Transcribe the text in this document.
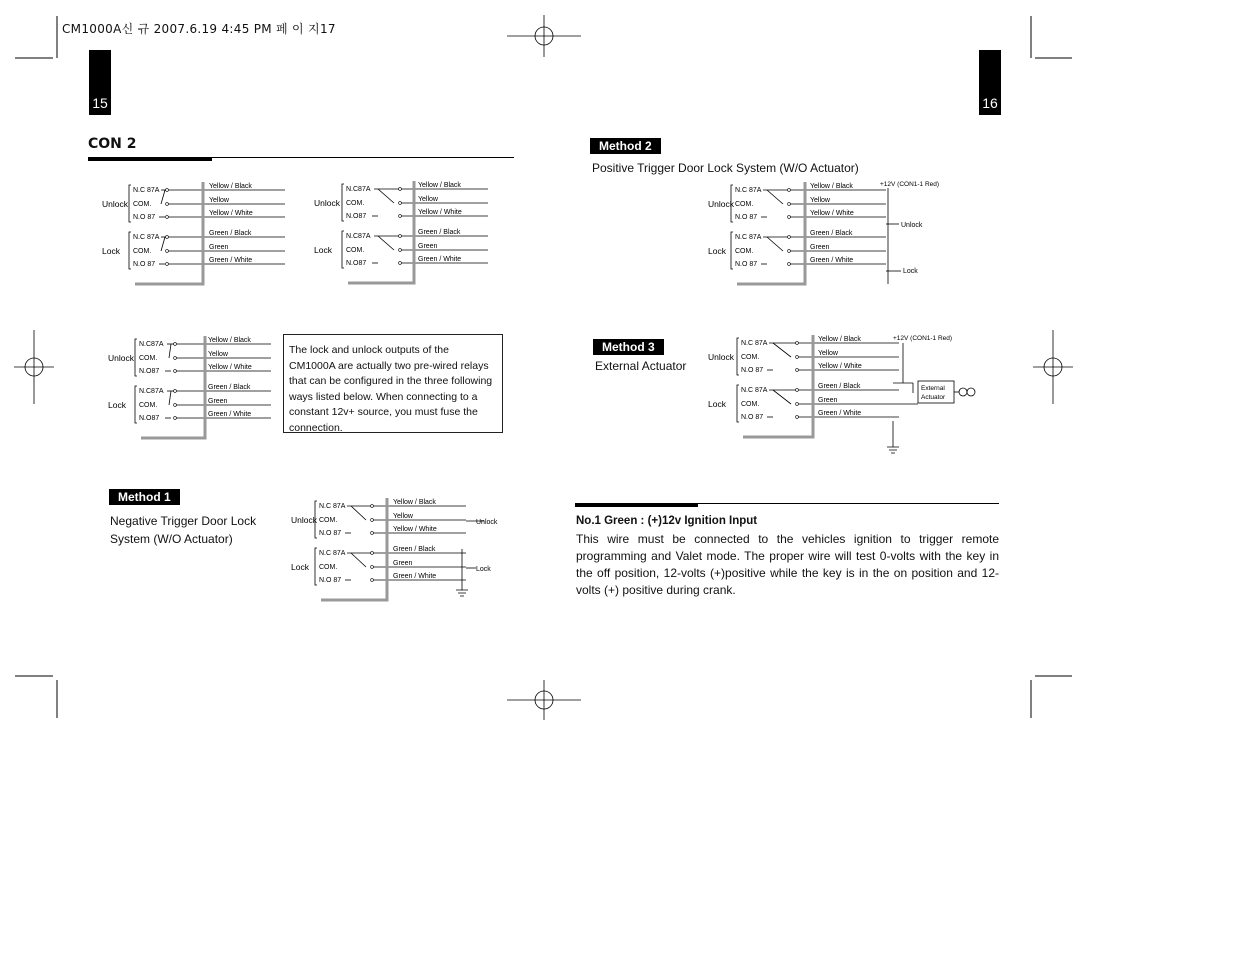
CM1000A신 규 2007.6.19 4:45 PM 페 이 지17
15	16
CON 2
Unlock
N.C 87A
COM.
N.O 87
Yellow / Black
Yellow
Yellow / White
Lock
N.C 87A
COM.
N.O 87
Green / Black
Green
Green / White
Unlock
N.C87A
COM.
N.O87
Yellow / Black
Yellow
Yellow / White
Lock
N.C87A
COM.
N.O87
Green / Black
Green
Green / White
Unlock
N.C87A
COM.
N.O87
Yellow / Black
Yellow
Yellow / White
Lock
N.C87A
COM.
N.O87
Green / Black
Green
Green / White
Unlock
N.C 87A
COM.
N.O 87
Yellow / Black
Yellow
Yellow / White
Lock
N.C 87A
COM.
N.O 87
Green / Black
Green
Green / White
Unlock
Lock
Unlock
N.C 87A
COM.
N.O 87
Yellow / Black
Yellow
Yellow / White
Lock
N.C 87A
COM.
N.O 87
Green / Black
Green
Green / White
+12V (CON1-1 Red)
Unlock
Lock
Unlock
N.C 87A
COM.
N.O 87
Yellow / Black
Yellow
Yellow / White
Lock
N.C 87A
COM.
N.O 87
Green / Black
Green
Green / White
+12V (CON1-1 Red)
External
Actuator
The lock and unlock outputs of the CM1000A are actually two pre-wired relays that can be configured in the three following ways listed below. When connecting to a constant 12v+ source, you must fuse the connection.
Method 1
Negative Trigger Door Lock System (W/O Actuator)
Method 2
Positive Trigger Door Lock System (W/O Actuator)
Method 3
External Actuator
No.1 Green : (+)12v Ignition Input
This wire must be connected to the vehicles ignition to trigger remote programming and Valet mode. The proper wire will test 0-volts with the key in the off position, 12-volts (+)positive while the key is in the on position and 12-volts (+) positive during crank.
